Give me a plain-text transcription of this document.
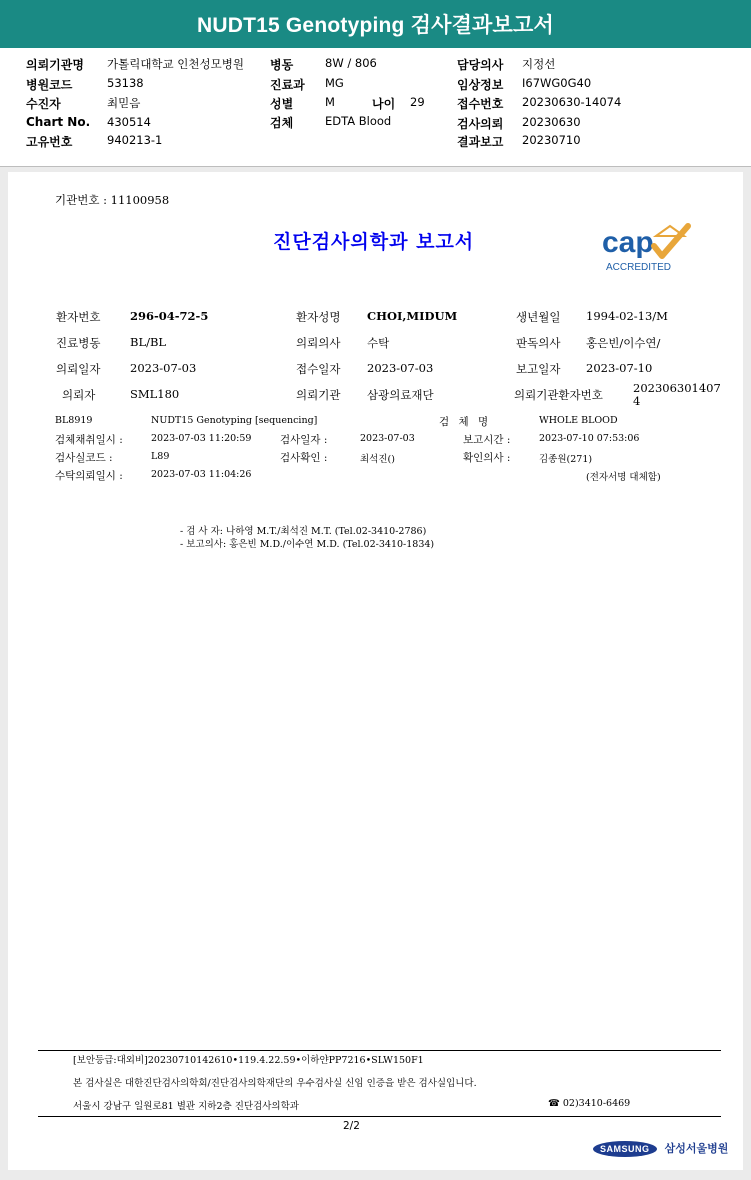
NUDT15 Genotyping 검사결과보고서
의뢰기관명 가톨릭대학교 인천성모병원
병원코드	53138
수진자	최믿음
Chart No. 430514
고유번호	940213-1
병동	8W / 806
진료과 MG
성별	M	나이 29
검체	EDTA Blood
담당의사 지정선
임상정보 I67WG0G40
접수번호 20230630-14074
검사의뢰 20230630
결과보고 20230710
기관번호 : 11100958
진단검사의학과 보고서	cap
ACCREDITED
환자번호	296-04-72-5	환자성명 CHOI,MIDUM	생년월일 1994-02-13/M
진료병동	BL/BL	의뢰의사 수탁	판독의사 홍은빈/이수연/
의뢰일자	2023-07-03	접수일자 2023-07-03	보고일자 2023-07-10
의뢰자	SML180	의뢰기관 삼광의료재단	의뢰기관환자번호	202306301407
4
BL8919	NUDT15 Genotyping [sequencing]	검 체 명	WHOLE BLOOD
검체채취일시 :	2023-07-03 11:20:59	검사일자 :	2023-07-03	보고시간 :	2023-07-10 07:53:06
검사실코드 :	L89	검사확인 :	최석진()	확인의사 :	김종원(271)
수탁의뢰일시 :	2023-07-03 11:04:26	(전자서명 대체함)
- 검 사 자: 나하영 M.T./최석진 M.T. (Tel.02-3410-2786)
- 보고의사: 홍은빈 M.D./이수연 M.D. (Tel.02-3410-1834)
[보안등급:대외비]20230710142610•119.4.22.59•이하얀PP7216•SLW150F1
본 검사실은 대한진단검사의학회/진단검사의학재단의 우수검사실 신임 인증을 받은 검사실입니다.
서울시 강남구 일원로81 별관 지하2층 진단검사의학과	☎ 02)3410-6469
2/2
SAMSUNG 삼성서울병원
